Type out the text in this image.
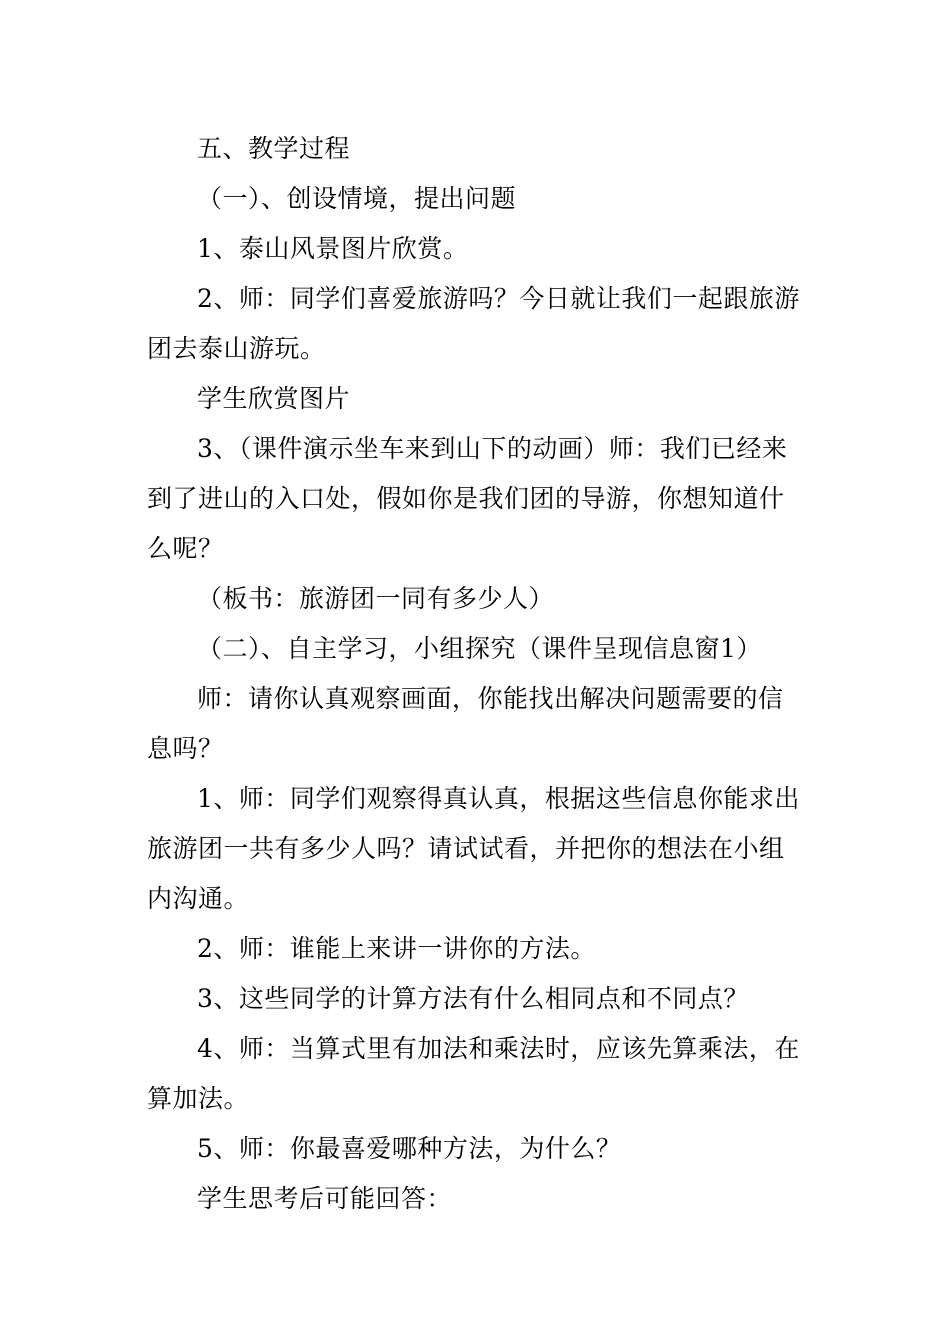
五、教学过程

（一）、创设情境，提出问题

1、泰山风景图片欣赏。

2、师：同学们喜爱旅游吗？今日就让我们一起跟旅游团去泰山游玩。

学生欣赏图片

3、（课件演示坐车来到山下的动画）师：我们已经来到了进山的入口处，假如你是我们团的导游，你想知道什么呢？

（板书：旅游团一同有多少人）

（二）、自主学习，小组探究（课件呈现信息窗1）

师：请你认真观察画面，你能找出解决问题需要的信息吗？

1、师：同学们观察得真认真，根据这些信息你能求出旅游团一共有多少人吗？请试试看，并把你的想法在小组内沟通。

2、师：谁能上来讲一讲你的方法。

3、这些同学的计算方法有什么相同点和不同点？

4、师：当算式里有加法和乘法时，应该先算乘法，在算加法。

5、师：你最喜爱哪种方法，为什么？

学生思考后可能回答：
